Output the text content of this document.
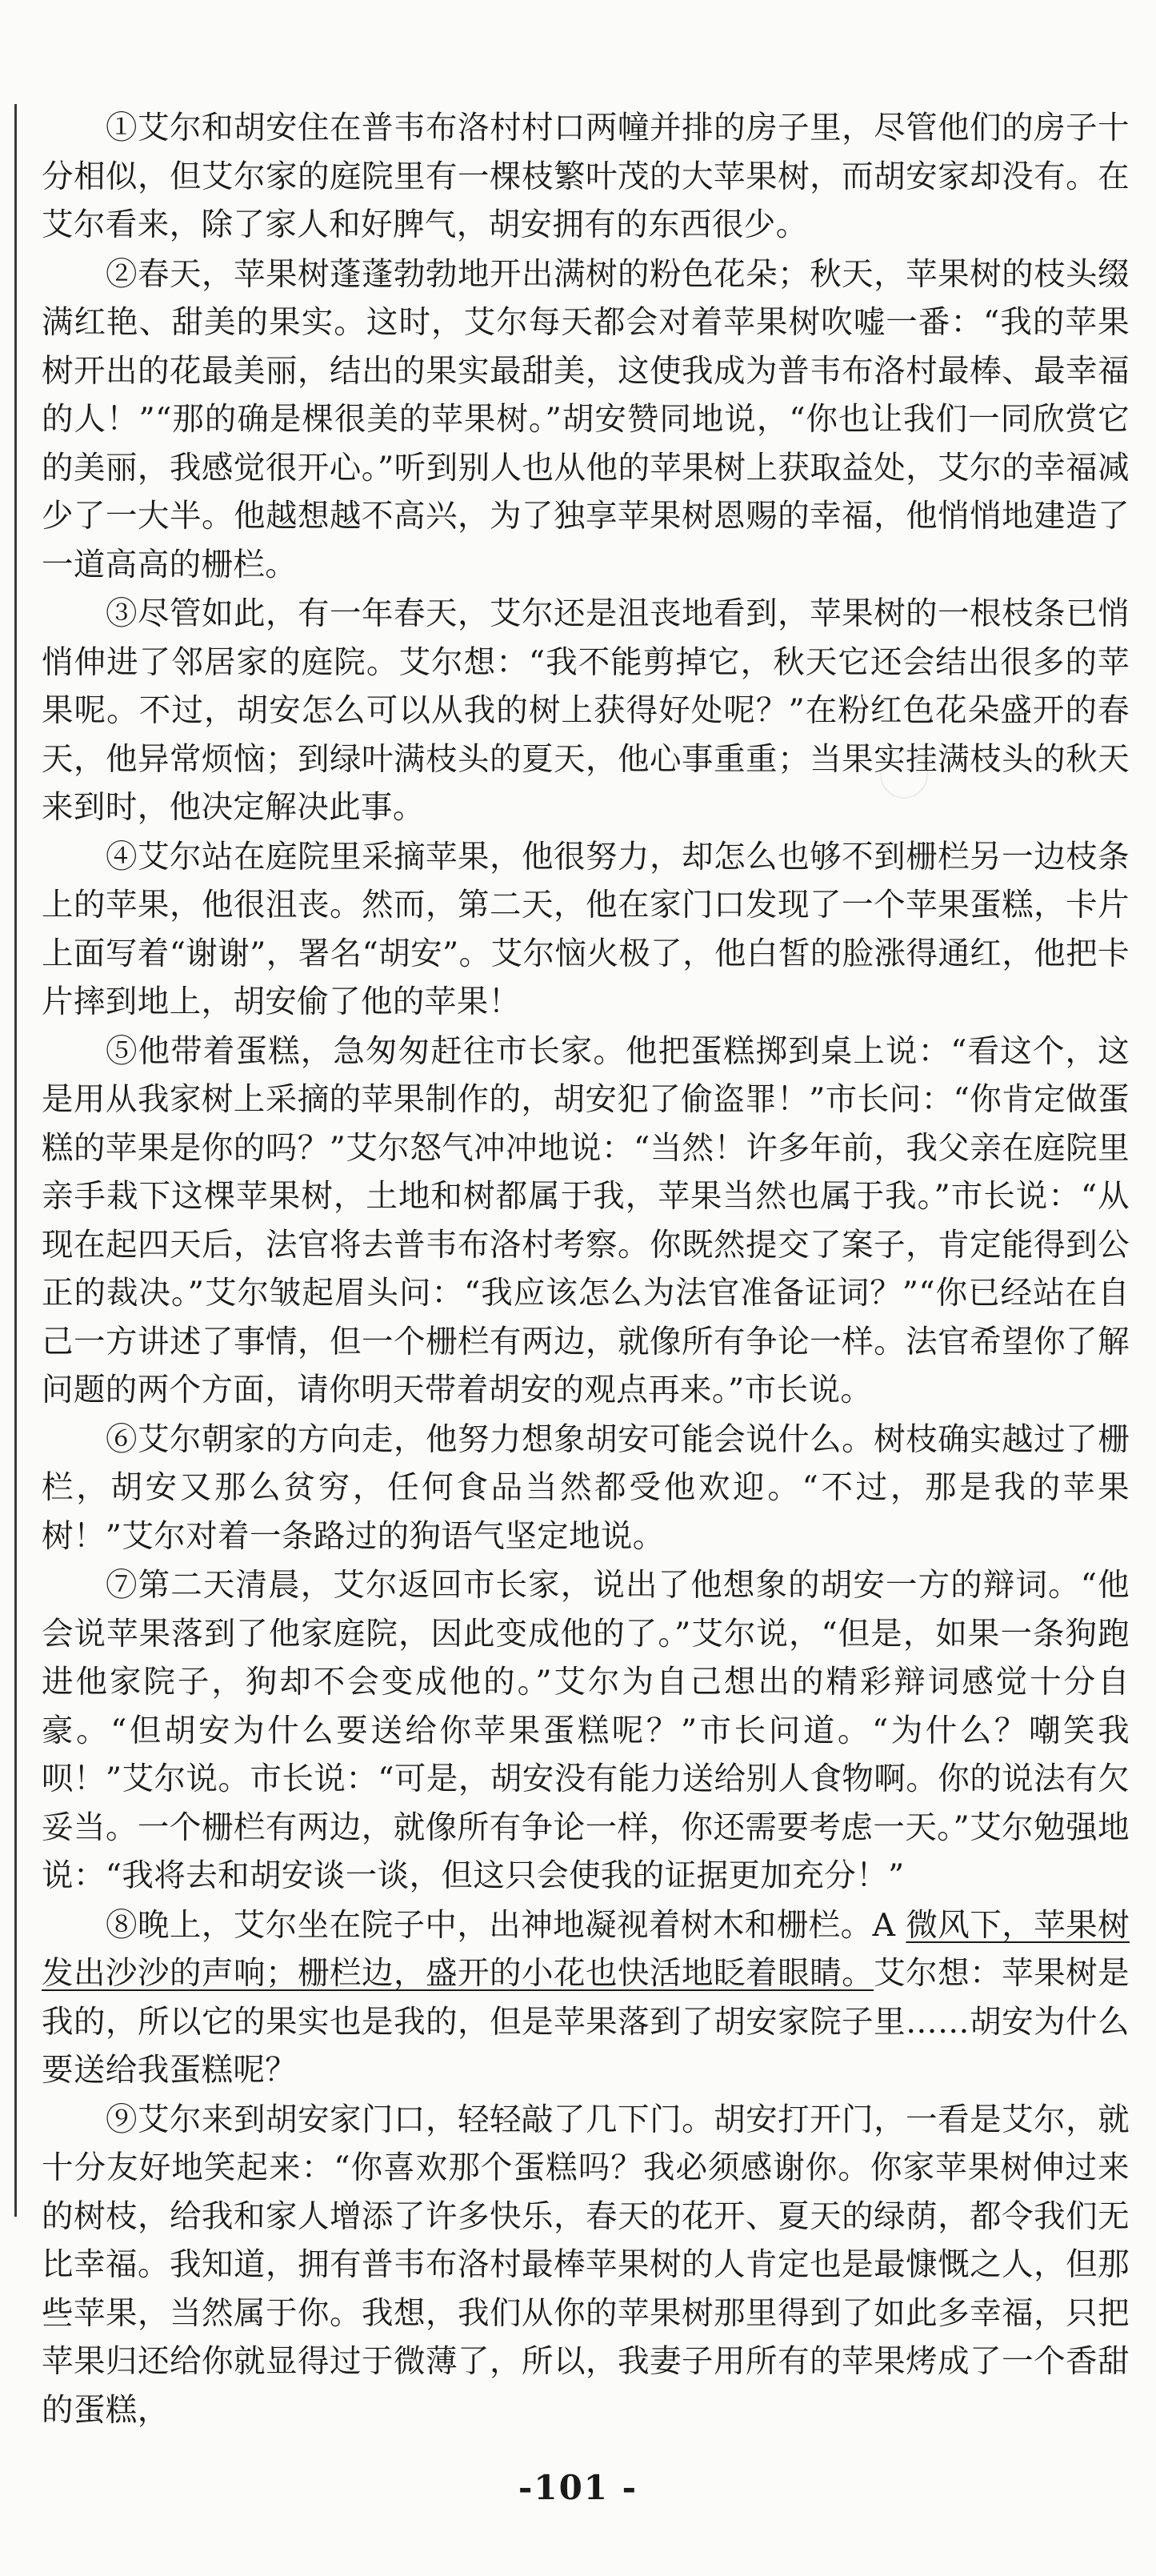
①艾尔和胡安住在普韦布洛村村口两幢并排的房子里，尽管他们的房子十分相似，但艾尔家的庭院里有一棵枝繁叶茂的大苹果树，而胡安家却没有。在艾尔看来，除了家人和好脾气，胡安拥有的东西很少。

②春天，苹果树蓬蓬勃勃地开出满树的粉色花朵；秋天，苹果树的枝头缀满红艳、甜美的果实。这时，艾尔每天都会对着苹果树吹嘘一番：“我的苹果树开出的花最美丽，结出的果实最甜美，这使我成为普韦布洛村最棒、最幸福的人！”“那的确是棵很美的苹果树。”胡安赞同地说，“你也让我们一同欣赏它的美丽，我感觉很开心。”听到别人也从他的苹果树上获取益处，艾尔的幸福减少了一大半。他越想越不高兴，为了独享苹果树恩赐的幸福，他悄悄地建造了一道高高的栅栏。

③尽管如此，有一年春天，艾尔还是沮丧地看到，苹果树的一根枝条已悄悄伸进了邻居家的庭院。艾尔想：“我不能剪掉它，秋天它还会结出很多的苹果呢。不过，胡安怎么可以从我的树上获得好处呢？”在粉红色花朵盛开的春天，他异常烦恼；到绿叶满枝头的夏天，他心事重重；当果实挂满枝头的秋天来到时，他决定解决此事。

④艾尔站在庭院里采摘苹果，他很努力，却怎么也够不到栅栏另一边枝条上的苹果，他很沮丧。然而，第二天，他在家门口发现了一个苹果蛋糕，卡片上面写着“谢谢”，署名“胡安”。艾尔恼火极了，他白皙的脸涨得通红，他把卡片摔到地上，胡安偷了他的苹果！

⑤他带着蛋糕，急匆匆赶往市长家。他把蛋糕掷到桌上说：“看这个，这是用从我家树上采摘的苹果制作的，胡安犯了偷盗罪！”市长问：“你肯定做蛋糕的苹果是你的吗？”艾尔怒气冲冲地说：“当然！许多年前，我父亲在庭院里亲手栽下这棵苹果树，土地和树都属于我，苹果当然也属于我。”市长说：“从现在起四天后，法官将去普韦布洛村考察。你既然提交了案子，肯定能得到公正的裁决。”艾尔皱起眉头问：“我应该怎么为法官准备证词？”“你已经站在自己一方讲述了事情，但一个栅栏有两边，就像所有争论一样。法官希望你了解问题的两个方面，请你明天带着胡安的观点再来。”市长说。

⑥艾尔朝家的方向走，他努力想象胡安可能会说什么。树枝确实越过了栅栏，胡安又那么贫穷，任何食品当然都受他欢迎。“不过，那是我的苹果树！”艾尔对着一条路过的狗语气坚定地说。

⑦第二天清晨，艾尔返回市长家，说出了他想象的胡安一方的辩词。“他会说苹果落到了他家庭院，因此变成他的了。”艾尔说，“但是，如果一条狗跑进他家院子，狗却不会变成他的。”艾尔为自己想出的精彩辩词感觉十分自豪。“但胡安为什么要送给你苹果蛋糕呢？”市长问道。“为什么？嘲笑我呗！”艾尔说。市长说：“可是，胡安没有能力送给别人食物啊。你的说法有欠妥当。一个栅栏有两边，就像所有争论一样，你还需要考虑一天。”艾尔勉强地说：“我将去和胡安谈一谈，但这只会使我的证据更加充分！”

⑧晚上，艾尔坐在院子中，出神地凝视着树木和栅栏。A 微风下，苹果树发出沙沙的声响；栅栏边，盛开的小花也快活地眨着眼睛。艾尔想：苹果树是我的，所以它的果实也是我的，但是苹果落到了胡安家院子里……胡安为什么要送给我蛋糕呢？

⑨艾尔来到胡安家门口，轻轻敲了几下门。胡安打开门，一看是艾尔，就十分友好地笑起来：“你喜欢那个蛋糕吗？我必须感谢你。你家苹果树伸过来的树枝，给我和家人增添了许多快乐，春天的花开、夏天的绿荫，都令我们无比幸福。我知道，拥有普韦布洛村最棒苹果树的人肯定也是最慷慨之人，但那些苹果，当然属于你。我想，我们从你的苹果树那里得到了如此多幸福，只把苹果归还给你就显得过于微薄了，所以，我妻子用所有的苹果烤成了一个香甜的蛋糕，

-101 -
